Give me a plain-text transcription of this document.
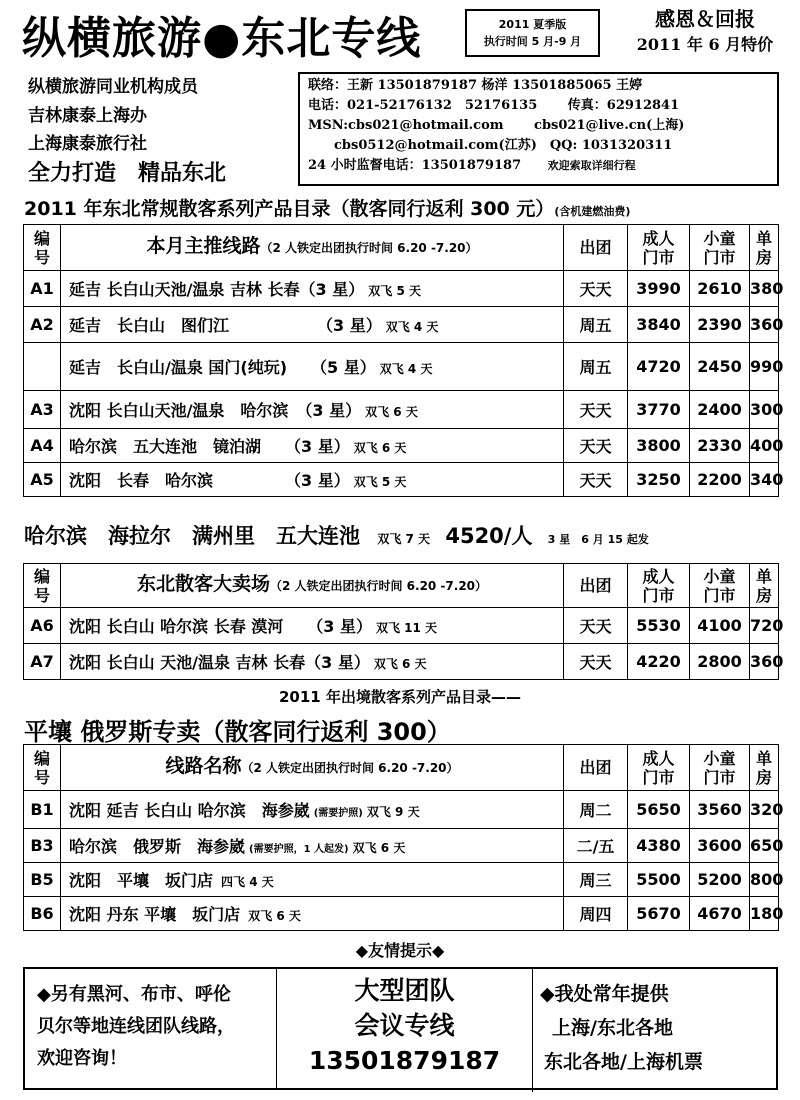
纵横旅游●东北专线	2011 夏季版
执行时间 5 月-9 月
感恩＆回报
2011 年 6 月特价
纵横旅游同业机构成员
吉林康泰上海办
上海康泰旅行社
全力打造　精品东北
联络：王新 13501879187 杨洋 13501885065 王婷
电话：021-52176132　52176135　　 传真：62912841
MSN:cbs021@hotmail.com　　 cbs021@live.cn(上海)
　　cbs0512@hotmail.com(江苏)　QQ: 1031320311
24 小时监督电话：13501879187 欢迎索取详细行程
2011 年东北常规散客系列产品目录（散客同行返利 300 元）(含机建燃油费)
编号	本月主推线路（2 人铁定出团执行时间 6.20 -7.20）	出团	成人门市	小童门市	单房
A1	延吉 长白山天池/温泉 吉林 长春（3 星） 双飞 5 天	天天	3990	2610	380
A2	延吉　长白山　图们江　　　　　　（3 星） 双飞 4 天	周五	3840	2390	360
	延吉　长白山/温泉 国门(纯玩)　　（5 星） 双飞 4 天	周五	4720	2450	990
A3	沈阳 长白山天池/温泉　哈尔滨　（3 星） 双飞 6 天	天天	3770	2400	300
A4	哈尔滨　五大连池　镜泊湖　　（3 星） 双飞 6 天	天天	3800	2330	400
A5	沈阳　长春　哈尔滨　　　　　（3 星） 双飞 5 天	天天	3250	2200	340
哈尔滨　海拉尔　满州里　五大连池 双飞 7 天 4520/人 3 星　6 月 15 起发
编号	东北散客大卖场（2 人铁定出团执行时间 6.20 -7.20）	出团	成人门市	小童门市	单房
A6	沈阳 长白山 哈尔滨 长春 漠河　　（3 星） 双飞 11 天	天天	5530	4100	720
A7	沈阳 长白山 天池/温泉 吉林 长春（3 星） 双飞 6 天	天天	4220	2800	360
2011 年出境散客系列产品目录——
平壤 俄罗斯专卖（散客同行返利 300）
编号	线路名称（2 人铁定出团执行时间 6.20 -7.20）	出团	成人门市	小童门市	单房
B1	沈阳 延吉 长白山 哈尔滨　海参崴 (需要护照) 双飞 9 天	周二	5650	3560	320
B3	哈尔滨　俄罗斯　海参崴 (需要护照，1 人起发) 双飞 6 天	二/五	4380	3600	650
B5	沈阳　平壤　坂门店 四飞 4 天	周三	5500	5200	800
B6	沈阳 丹东 平壤　坂门店 双飞 6 天	周四	5670	4670	180
◆友情提示◆
◆另有黑河、布市、呼伦
贝尔等地连线团队线路，
欢迎咨询！
大型团队
会议专线
13501879187
◆我处常年提供
上海/东北各地
东北各地/上海机票
